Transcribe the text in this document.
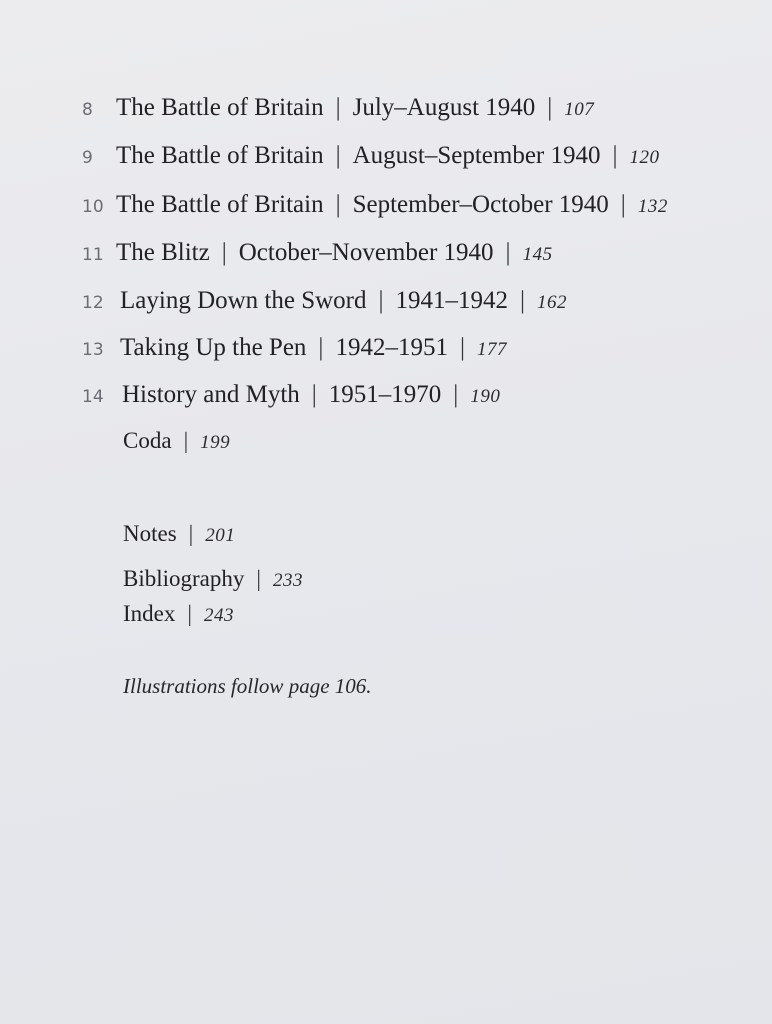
8 The Battle of Britain | July–August 1940 | 107
9 The Battle of Britain | August–September 1940 | 120
10 The Battle of Britain | September–October 1940 | 132
11 The Blitz | October–November 1940 | 145
12 Laying Down the Sword | 1941–1942 | 162
13 Taking Up the Pen | 1942–1951 | 177
14 History and Myth | 1951–1970 | 190
Coda | 199
Notes | 201
Bibliography | 233
Index | 243
Illustrations follow page 106.
